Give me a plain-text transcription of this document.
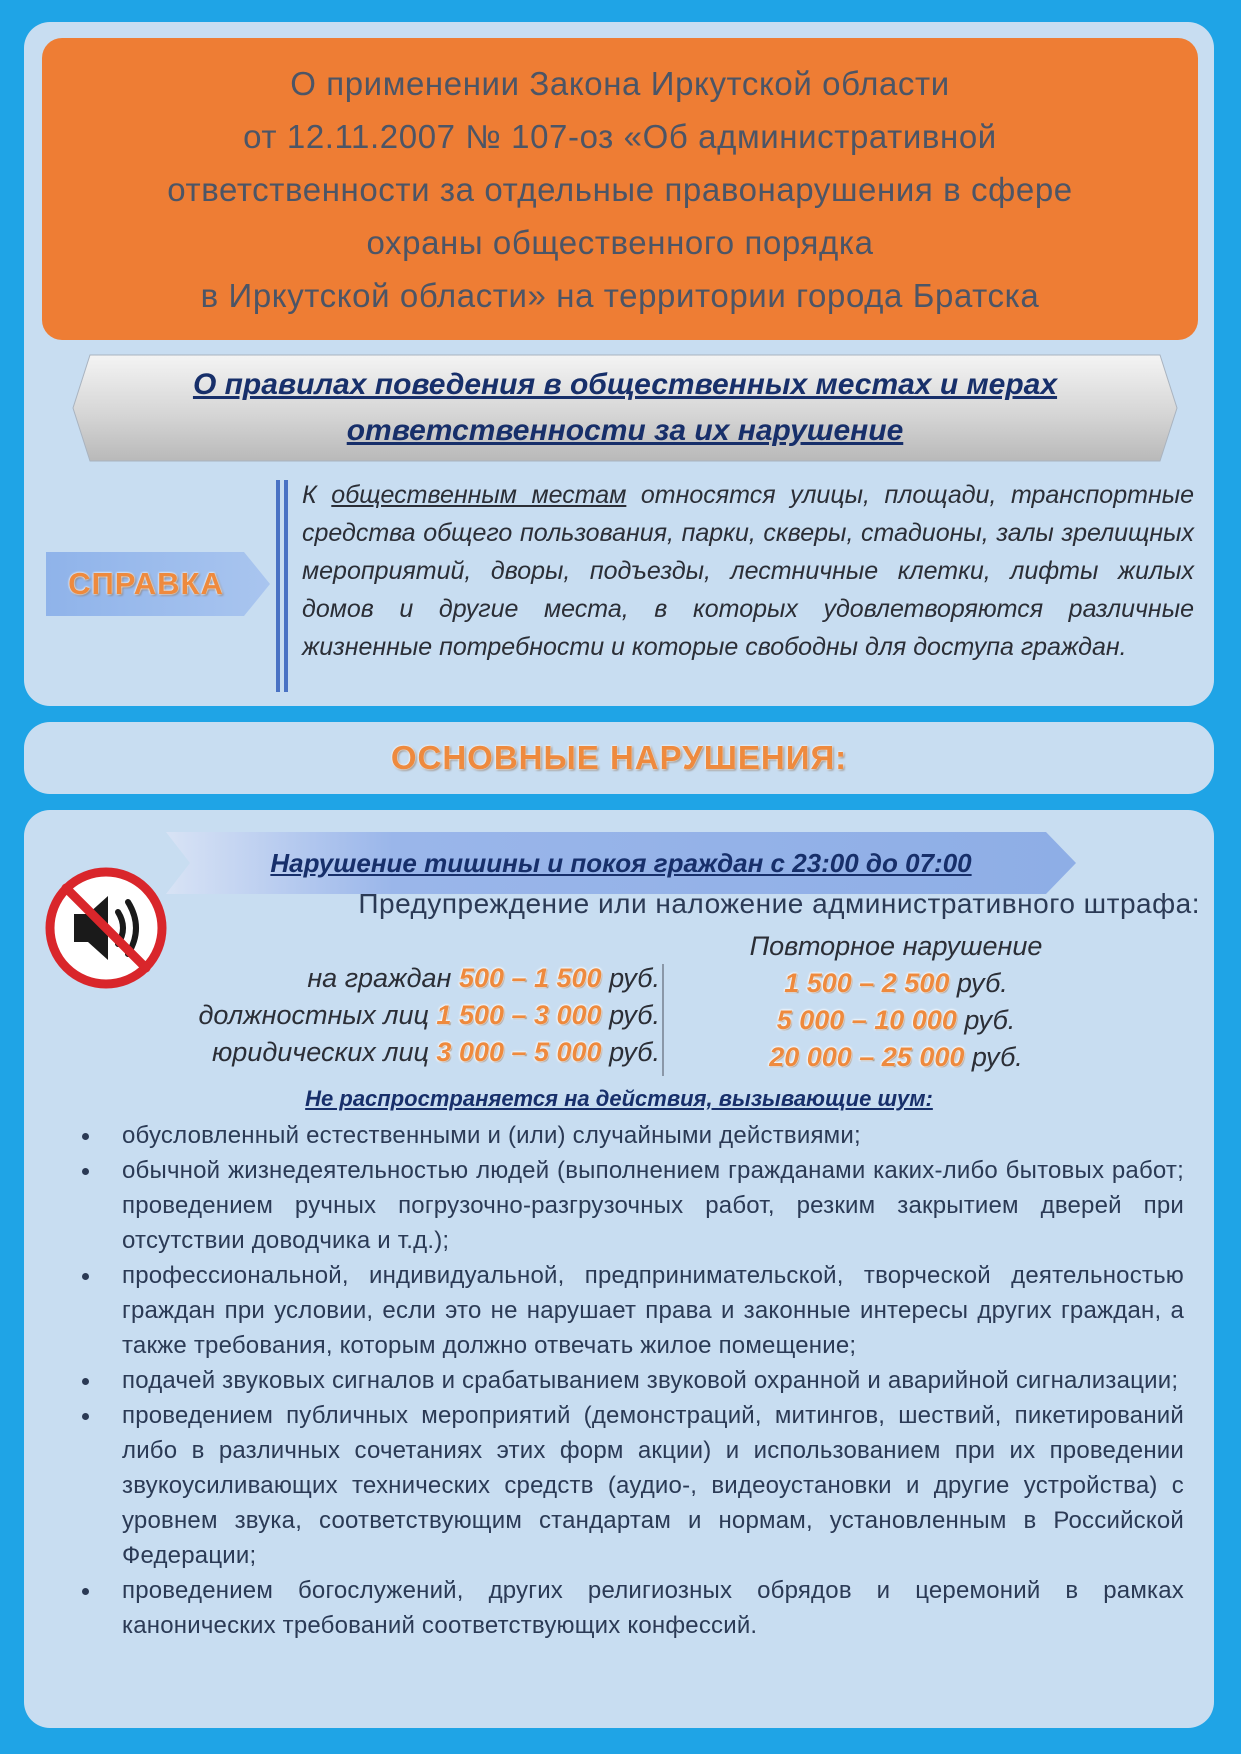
О применении Закона Иркутской области
от 12.11.2007 № 107-оз «Об административной
ответственности за отдельные правонарушения в сфере
охраны общественного порядка
в Иркутской области» на территории города Братска
О правилах поведения в общественных местах и мерах
ответственности за их нарушение
СПРАВКА
К общественным местам относятся улицы, площади, транспортные средства общего пользования, парки, скверы, стадионы, залы зрелищных мероприятий, дворы, подъезды, лестничные клетки, лифты жилых домов и другие места, в которых удовлетворяются различные жизненные потребности и которые свободны для доступа граждан.
ОСНОВНЫЕ НАРУШЕНИЯ:
Нарушение тишины и покоя граждан с 23:00 до 07:00
Предупреждение или наложение административного штрафа:
на граждан 500 – 1 500 руб.
должностных лиц 1 500 – 3 000 руб.
юридических лиц 3 000 – 5 000 руб.
Повторное нарушение
1 500 – 2 500 руб.
5 000 – 10 000 руб.
20 000 – 25 000 руб.
Не распространяется на действия, вызывающие шум:
обусловленный естественными и (или) случайными действиями;
обычной жизнедеятельностью людей (выполнением гражданами каких-либо бытовых работ; проведением ручных погрузочно-разгрузочных работ, резким закрытием дверей при отсутствии доводчика и т.д.);
профессиональной, индивидуальной, предпринимательской, творческой деятельностью граждан при условии, если это не нарушает права и законные интересы других граждан, а также требования, которым должно отвечать жилое помещение;
подачей звуковых сигналов и срабатыванием звуковой охранной и аварийной сигнализации;
проведением публичных мероприятий (демонстраций, митингов, шествий, пикетирований либо в различных сочетаниях этих форм акции) и использованием при их проведении звукоусиливающих технических средств (аудио-, видеоустановки и другие устройства) с уровнем звука, соответствующим стандартам и нормам, установленным в Российской Федерации;
проведением богослужений, других религиозных обрядов и церемоний в рамках канонических требований соответствующих конфессий.
